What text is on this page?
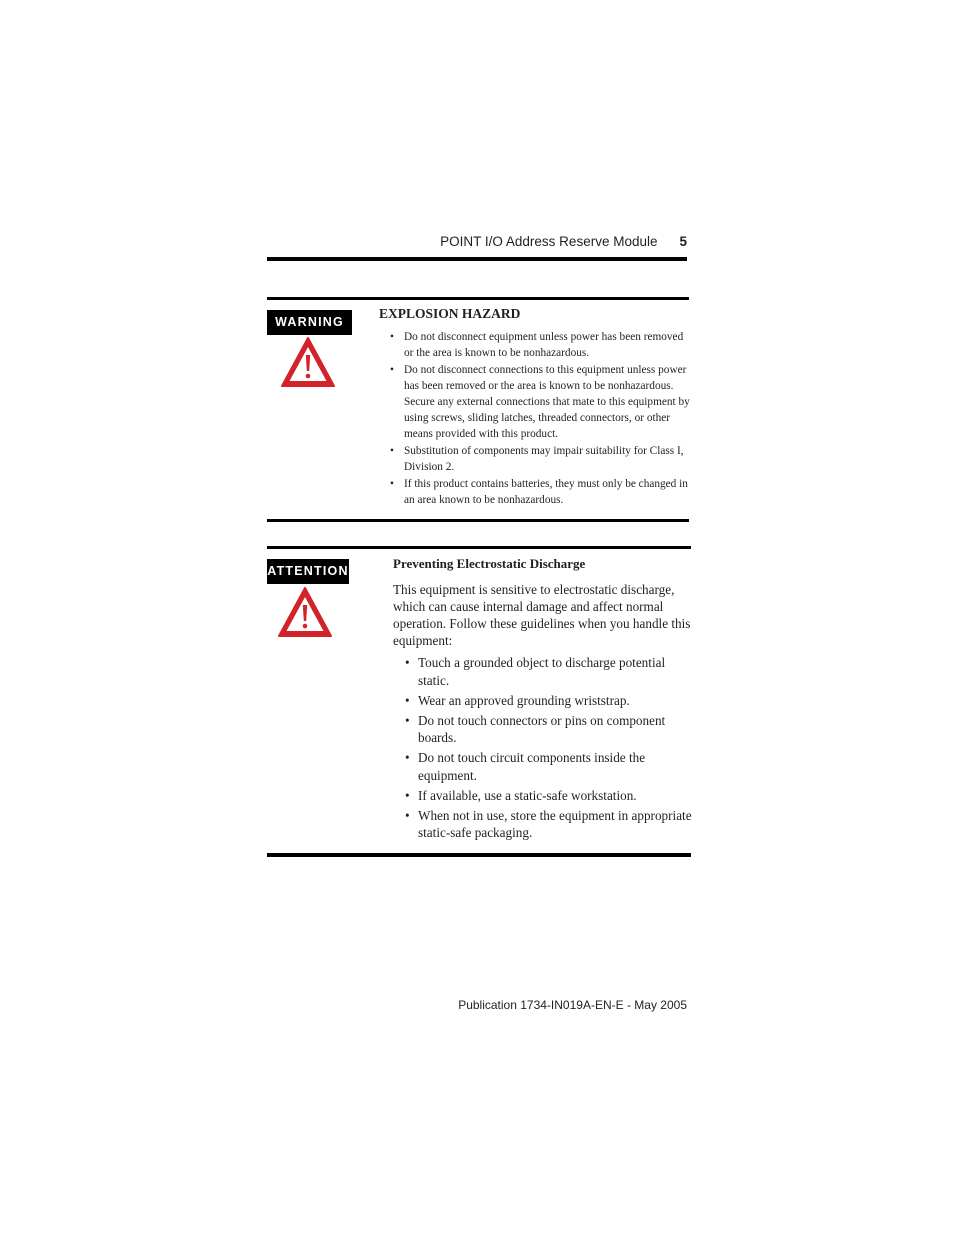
POINT I/O Address Reserve Module 5
WARNING
EXPLOSION HAZARD
• Do not disconnect equipment unless power has been removed or the area is known to be nonhazardous.
• Do not disconnect connections to this equipment unless power has been removed or the area is known to be nonhazardous. Secure any external connections that mate to this equipment by using screws, sliding latches, threaded connectors, or other means provided with this product.
• Substitution of components may impair suitability for Class I, Division 2.
• If this product contains batteries, they must only be changed in an area known to be nonhazardous.
ATTENTION	Preventing Electrostatic Discharge

This equipment is sensitive to electrostatic discharge, which can cause internal damage and affect normal operation. Follow these guidelines when you handle this equipment:

• Touch a grounded object to discharge potential static.
• Wear an approved grounding wriststrap.
• Do not touch connectors or pins on component boards.
• Do not touch circuit components inside the equipment.
• If available, use a static-safe workstation.
• When not in use, store the equipment in appropriate static-safe packaging.
Publication 1734-IN019A-EN-E - May 2005
